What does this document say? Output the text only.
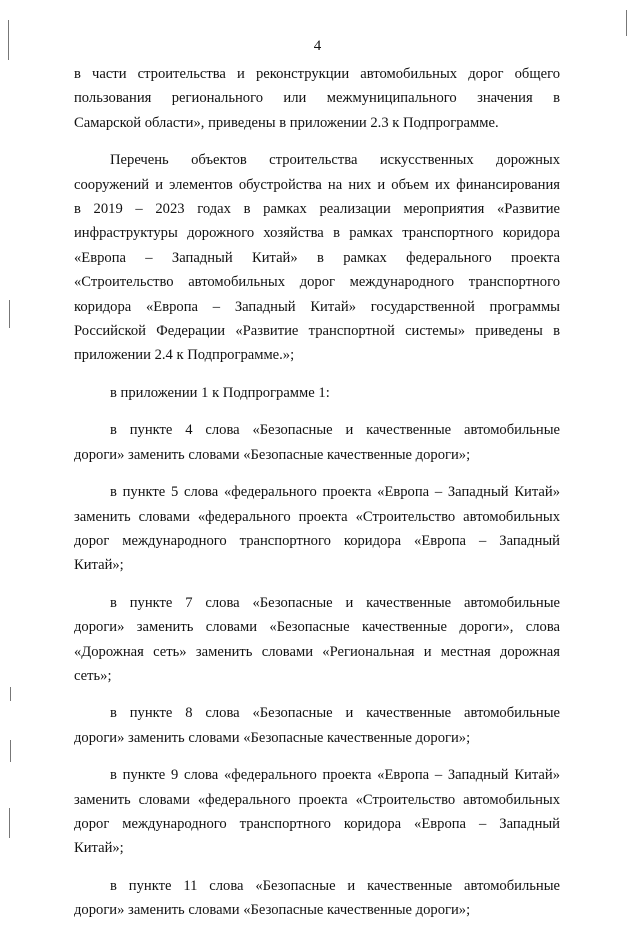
4

в части строительства и реконструкции автомобильных дорог общего
пользования регионального или межмуниципального значения в
Самарской области», приведены в приложении 2.3 к Подпрограмме.

Перечень объектов строительства искусственных дорожных
сооружений и элементов обустройства на них и объем их финансирования
в 2019 – 2023 годах в рамках реализации мероприятия «Развитие
инфраструктуры дорожного хозяйства в рамках транспортного коридора
«Европа – Западный Китай» в рамках федерального проекта
«Строительство автомобильных дорог международного транспортного
коридора «Европа – Западный Китай» государственной программы
Российской Федерации «Развитие транспортной системы» приведены в
приложении 2.4 к Подпрограмме.»;

в приложении 1 к Подпрограмме 1:

в пункте 4 слова «Безопасные и качественные автомобильные
дороги» заменить словами «Безопасные качественные дороги»;

в пункте 5 слова «федерального проекта «Европа – Западный Китай»
заменить словами «федерального проекта «Строительство автомобильных
дорог международного транспортного коридора «Европа – Западный
Китай»;

в пункте 7 слова «Безопасные и качественные автомобильные
дороги» заменить словами «Безопасные качественные дороги», слова
«Дорожная сеть» заменить словами «Региональная и местная дорожная
сеть»;

в пункте 8 слова «Безопасные и качественные автомобильные
дороги» заменить словами «Безопасные качественные дороги»;

в пункте 9 слова «федерального проекта «Европа – Западный Китай»
заменить словами «федерального проекта «Строительство автомобильных
дорог международного транспортного коридора «Европа – Западный
Китай»;

в пункте 11 слова «Безопасные и качественные автомобильные
дороги» заменить словами «Безопасные качественные дороги»;
